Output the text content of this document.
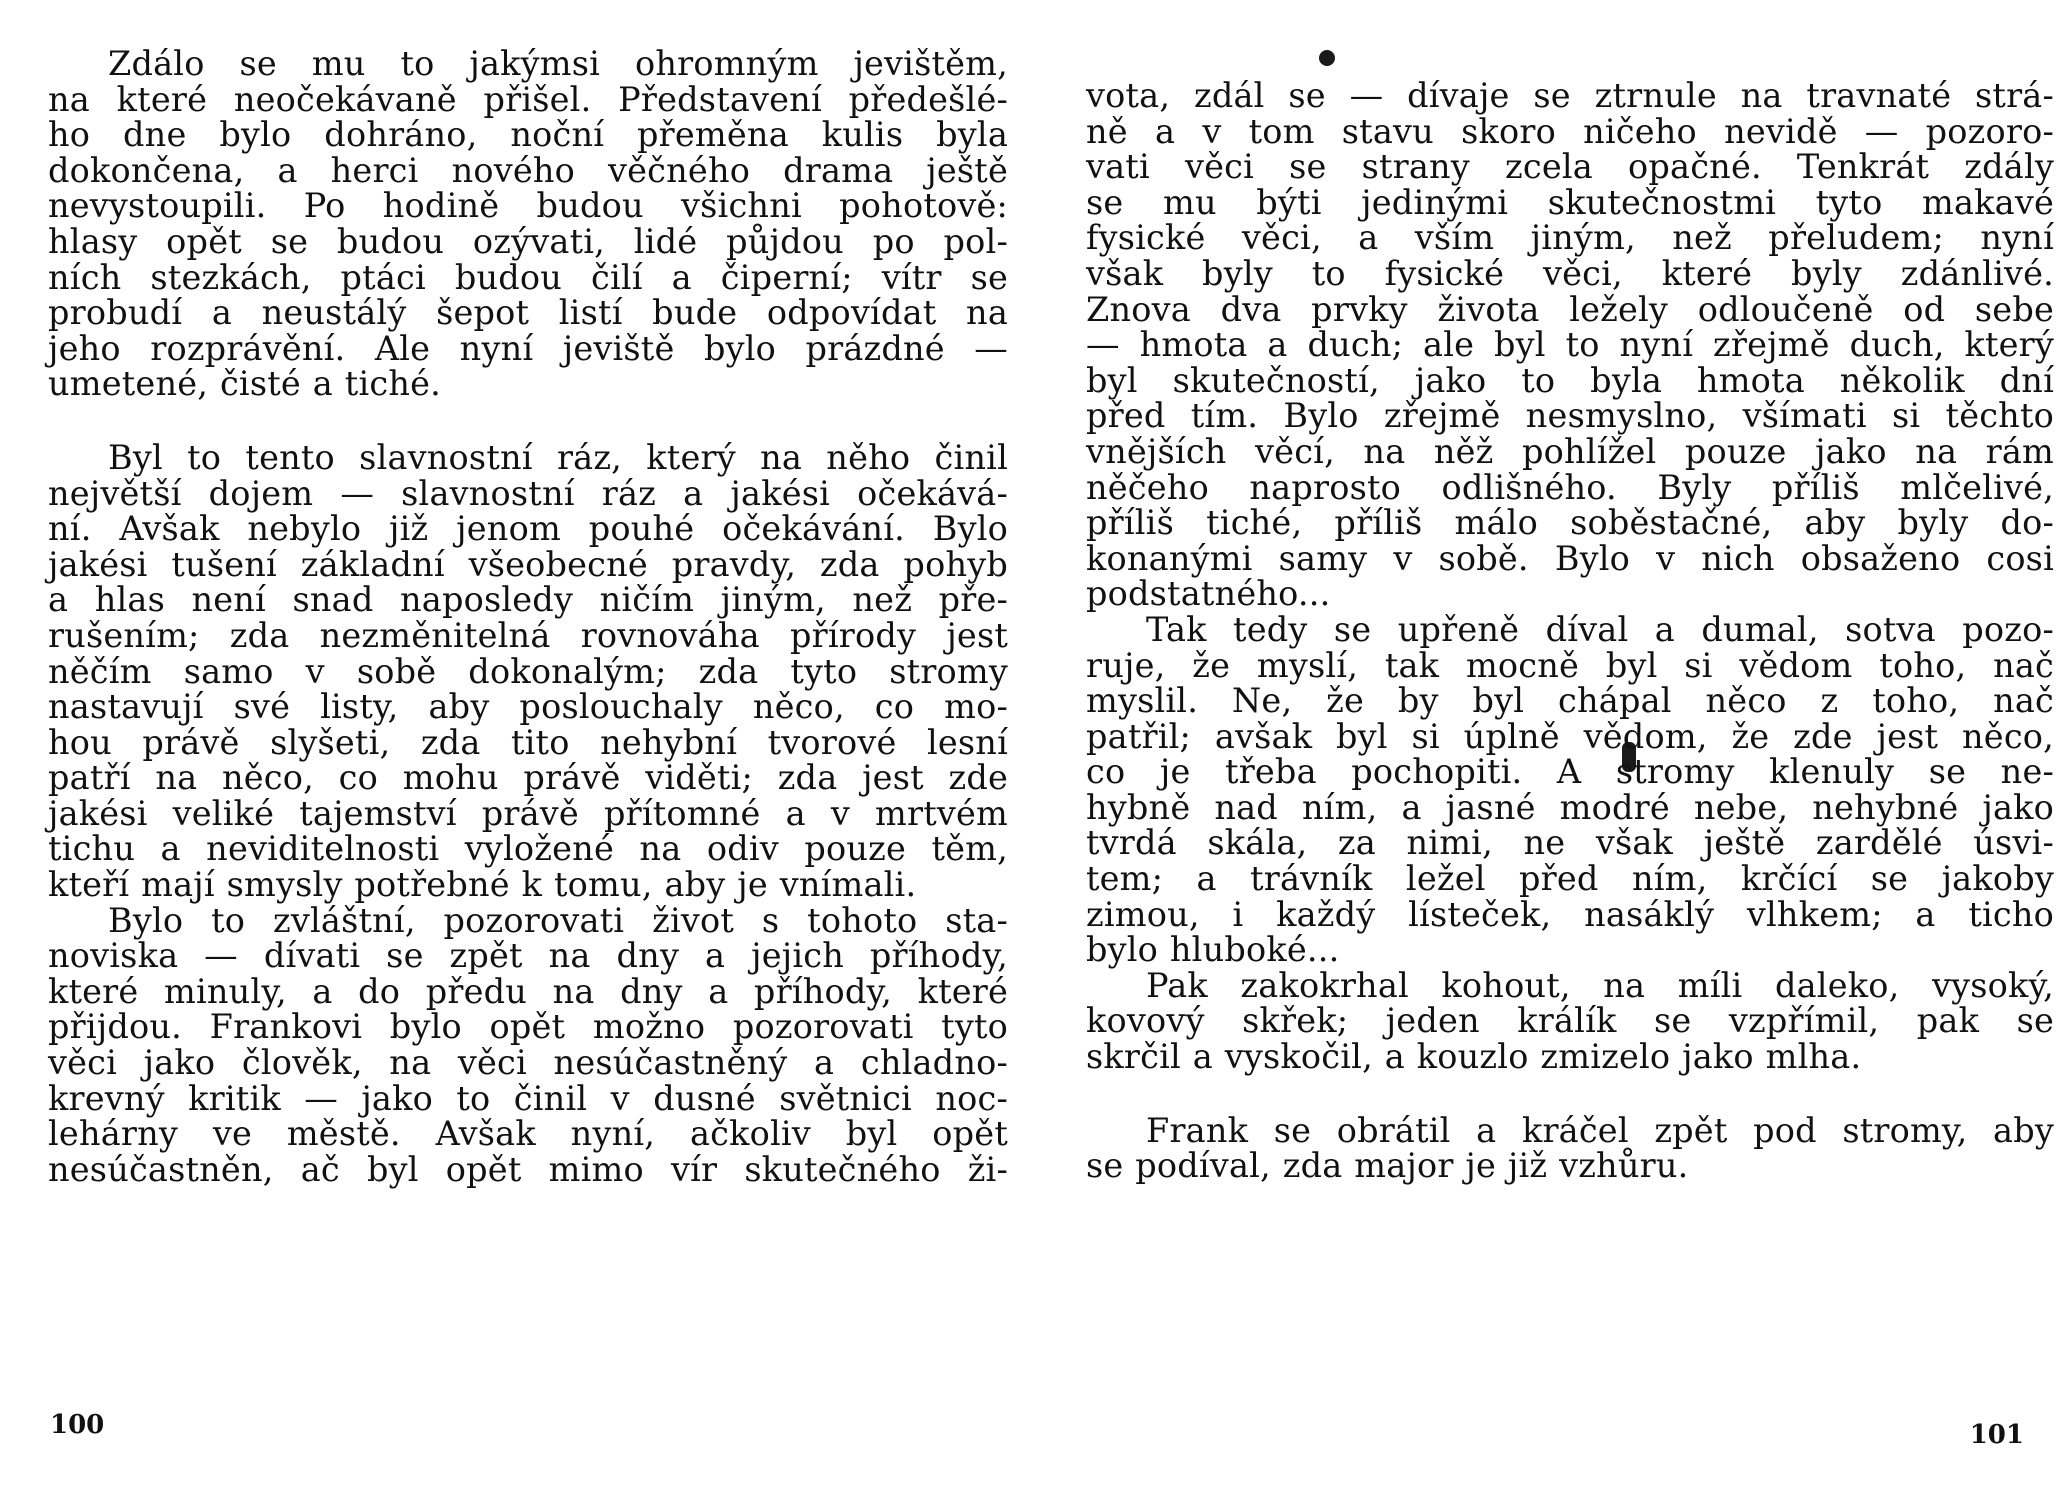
Zdálo se mu to jakýmsi ohromným jevištěm,
na které neočekávaně přišel. Představení předešlé-
ho dne bylo dohráno, noční přeměna kulis byla
dokončena, a herci nového věčného drama ještě
nevystoupili. Po hodině budou všichni pohotově:
hlasy opět se budou ozývati, lidé půjdou po pol-
ních stezkách, ptáci budou čilí a čiperní; vítr se
probudí a neustálý šepot listí bude odpovídat na
jeho rozprávění. Ale nyní jeviště bylo prázdné —
umetené, čisté a tiché.
Byl to tento slavnostní ráz, který na něho činil
největší dojem — slavnostní ráz a jakési očekává-
ní. Avšak nebylo již jenom pouhé očekávání. Bylo
jakési tušení základní všeobecné pravdy, zda pohyb
a hlas není snad naposledy ničím jiným, než pře-
rušením; zda nezměnitelná rovnováha přírody jest
něčím samo v sobě dokonalým; zda tyto stromy
nastavují své listy, aby poslouchaly něco, co mo-
hou právě slyšeti, zda tito nehybní tvorové lesní
patří na něco, co mohu právě viděti; zda jest zde
jakési veliké tajemství právě přítomné a v mrtvém
tichu a neviditelnosti vyložené na odiv pouze těm,
kteří mají smysly potřebné k tomu, aby je vnímali.
Bylo to zvláštní, pozorovati život s tohoto sta-
noviska — dívati se zpět na dny a jejich příhody,
které minuly, a do předu na dny a příhody, které
přijdou. Frankovi bylo opět možno pozorovati tyto
věci jako člověk, na věci nesúčastněný a chladno-
krevný kritik — jako to činil v dusné světnici noc-
lehárny ve městě. Avšak nyní, ačkoliv byl opět
nesúčastněn, ač byl opět mimo vír skutečného ži-
100
vota, zdál se — dívaje se ztrnule na travnaté strá-
ně a v tom stavu skoro ničeho nevidě — pozoro-
vati věci se strany zcela opačné. Tenkrát zdály
se mu býti jedinými skutečnostmi tyto makavé
fysické věci, a vším jiným, než přeludem; nyní
však byly to fysické věci, které byly zdánlivé.
Znova dva prvky života ležely odloučeně od sebe
— hmota a duch; ale byl to nyní zřejmě duch, který
byl skutečností, jako to byla hmota několik dní
před tím. Bylo zřejmě nesmyslno, všímati si těchto
vnějších věcí, na něž pohlížel pouze jako na rám
něčeho naprosto odlišného. Byly příliš mlčelivé,
příliš tiché, příliš málo soběstačné, aby byly do-
konanými samy v sobě. Bylo v nich obsaženo cosi
podstatného...
Tak tedy se upřeně díval a dumal, sotva pozo-
ruje, že myslí, tak mocně byl si vědom toho, nač
myslil. Ne, že by byl chápal něco z toho, nač
patřil; avšak byl si úplně vědom, že zde jest něco,
co je třeba pochopiti. A stromy klenuly se ne-
hybně nad ním, a jasné modré nebe, nehybné jako
tvrdá skála, za nimi, ne však ještě zardělé úsvi-
tem; a trávník ležel před ním, krčící se jakoby
zimou, i každý lísteček, nasáklý vlhkem; a ticho
bylo hluboké...
Pak zakokrhal kohout, na míli daleko, vysoký,
kovový skřek; jeden králík se vzpřímil, pak se
skrčil a vyskočil, a kouzlo zmizelo jako mlha.
Frank se obrátil a kráčel zpět pod stromy, aby
se podíval, zda major je již vzhůru.
101
